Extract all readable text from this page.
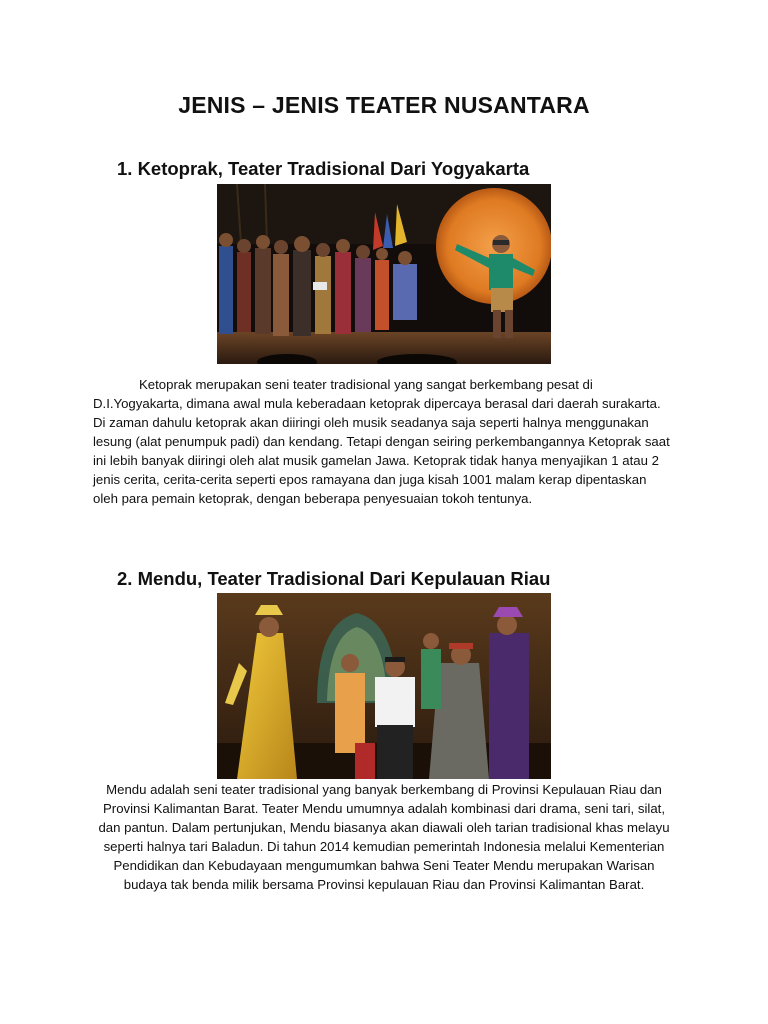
JENIS – JENIS TEATER NUSANTARA
1. Ketoprak, Teater Tradisional Dari Yogyakarta

Ketoprak merupakan seni teater tradisional yang sangat berkembang pesat di D.I.Yogyakarta, dimana awal mula keberadaan ketoprak dipercaya berasal dari daerah surakarta. Di zaman dahulu ketoprak akan diiringi oleh musik seadanya saja seperti halnya menggunakan lesung (alat penumpuk padi) dan kendang. Tetapi dengan seiring perkembangannya Ketoprak saat ini lebih banyak diiringi oleh alat musik gamelan Jawa. Ketoprak tidak hanya menyajikan 1 atau 2 jenis cerita, cerita-cerita seperti epos ramayana dan juga kisah 1001 malam kerap dipentaskan oleh para pemain ketoprak, dengan beberapa penyesuaian tokoh tentunya.

2. Mendu, Teater Tradisional Dari Kepulauan Riau

Mendu adalah seni teater tradisional yang banyak berkembang di Provinsi Kepulauan Riau dan Provinsi Kalimantan Barat. Teater Mendu umumnya adalah kombinasi dari drama, seni tari, silat, dan pantun. Dalam pertunjukan, Mendu biasanya akan diawali oleh tarian tradisional khas melayu seperti halnya tari Baladun. Di tahun 2014 kemudian pemerintah Indonesia melalui Kementerian Pendidikan dan Kebudayaan mengumumkan bahwa Seni Teater Mendu merupakan Warisan budaya tak benda milik bersama Provinsi kepulauan Riau dan Provinsi Kalimantan Barat.
